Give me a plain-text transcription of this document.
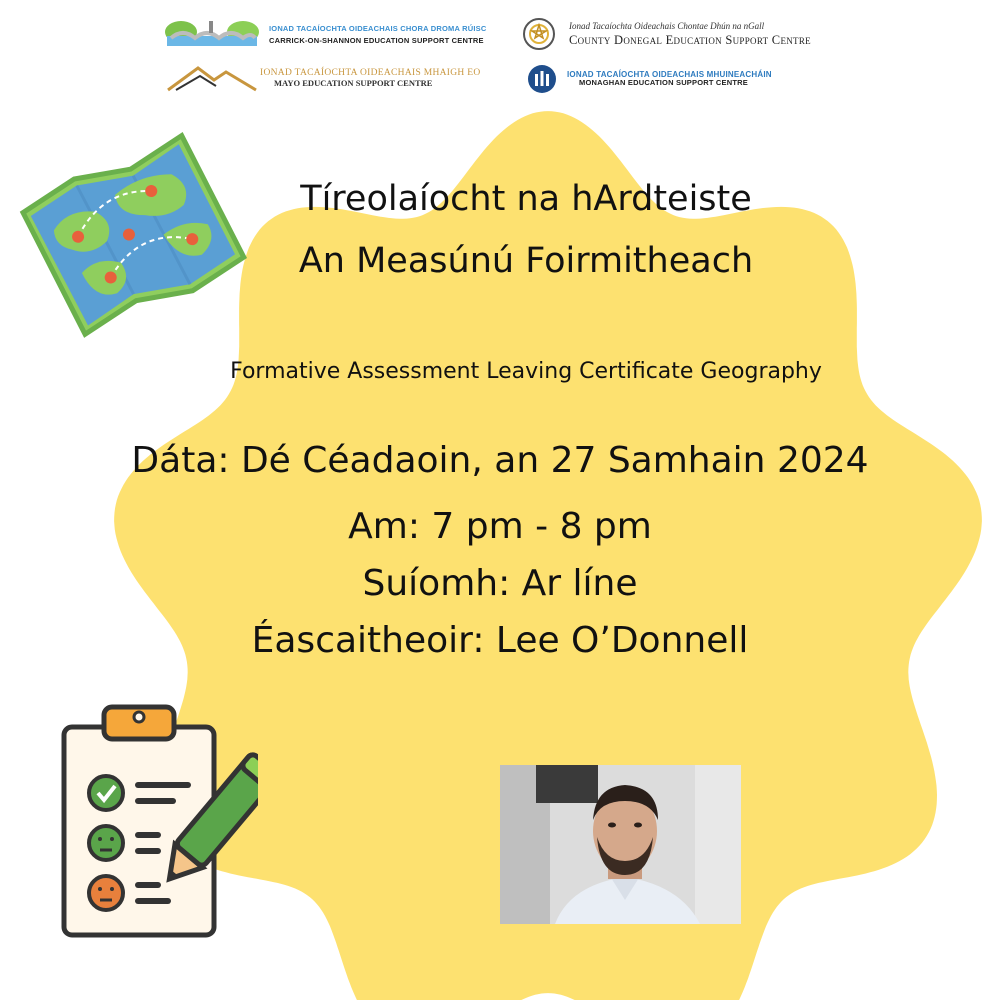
IONAD TACAÍOCHTA OIDEACHAIS CHORA DROMA RÚISC
CARRICK-ON-SHANNON EDUCATION SUPPORT CENTRE
Ionad Tacaíochta Oideachais Chontae Dhún na nGall
County Donegal Education Support Centre
IONAD TACAÍOCHTA OIDEACHAIS MHAIGH EO
MAYO EDUCATION SUPPORT CENTRE
IONAD TACAÍOCHTA OIDEACHAIS MHUINEACHÁIN
MONAGHAN EDUCATION SUPPORT CENTRE
Tíreolaíocht na hArdteiste
An Measúnú Foirmitheach
Formative Assessment Leaving Certificate Geography
Dáta: Dé Céadaoin, an 27 Samhain 2024
Am: 7 pm - 8 pm
Suíomh: Ar líne
Éascaitheoir: Lee O’Donnell
